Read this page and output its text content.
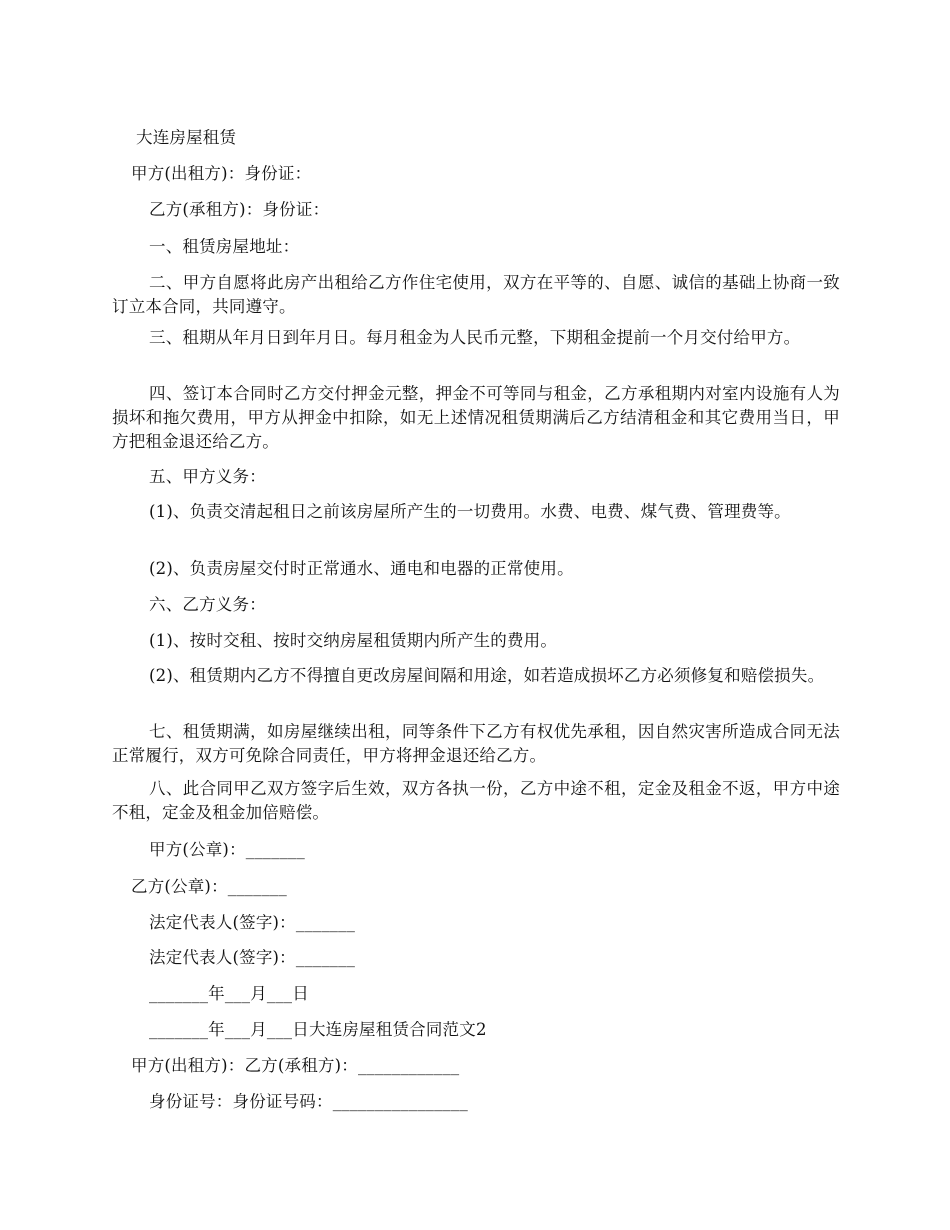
大连房屋租赁
甲方(出租方)：身份证：
乙方(承租方)：身份证：
一、租赁房屋地址：
二、甲方自愿将此房产出租给乙方作住宅使用，双方在平等的、自愿、诚信的基础上协商一致订立本合同，共同遵守。
三、租期从年月日到年月日。每月租金为人民币元整，下期租金提前一个月交付给甲方。
四、签订本合同时乙方交付押金元整，押金不可等同与租金，乙方承租期内对室内设施有人为损坏和拖欠费用，甲方从押金中扣除，如无上述情况租赁期满后乙方结清租金和其它费用当日，甲方把租金退还给乙方。
五、甲方义务：
(1)、负责交清起租日之前该房屋所产生的一切费用。水费、电费、煤气费、管理费等。
(2)、负责房屋交付时正常通水、通电和电器的正常使用。
六、乙方义务：
(1)、按时交租、按时交纳房屋租赁期内所产生的费用。
(2)、租赁期内乙方不得擅自更改房屋间隔和用途，如若造成损坏乙方必须修复和赔偿损失。
七、租赁期满，如房屋继续出租，同等条件下乙方有权优先承租，因自然灾害所造成合同无法正常履行，双方可免除合同责任，甲方将押金退还给乙方。
八、此合同甲乙双方签字后生效，双方各执一份，乙方中途不租，定金及租金不返，甲方中途不租，定金及租金加倍赔偿。
甲方(公章)：_______
乙方(公章)：_______
法定代表人(签字)：_______
法定代表人(签字)：_______
_______年___月___日
_______年___月___日大连房屋租赁合同范文2
甲方(出租方)：乙方(承租方)：____________
身份证号：身份证号码：________________
